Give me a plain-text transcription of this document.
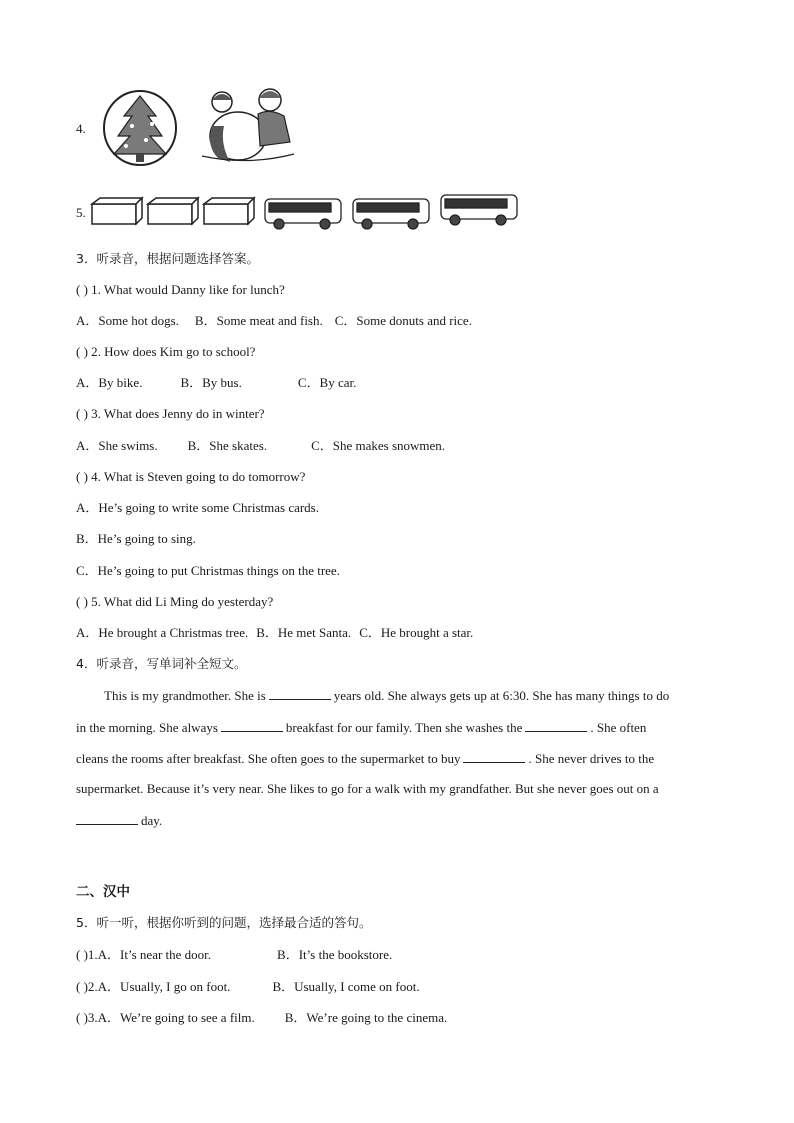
4.
5.
3．听录音，根据问题选择答案。
( ) 1. What would Danny like for lunch?
A．Some hot dogs. B．Some meat and fish. C．Some donuts and rice.
( ) 2. How does Kim go to school?
A．By bike.	B．By bus.	C．By car.
( ) 3. What does Jenny do in winter?
A．She swims. B．She skates.	C．She makes snowmen.
( ) 4. What is Steven going to do tomorrow?
A．He’s going to write some Christmas cards.
B．He’s going to sing.
C．He’s going to put Christmas things on the tree.
( ) 5. What did Li Ming do yesterday?
A．He brought a Christmas tree. B．He met Santa. C．He brought a star.
4．听录音，写单词补全短文。
This is my grandmother. She is	years old. She always gets up at 6:30. She has many things to do
in the morning. She always	breakfast for our family. Then she washes the	. She often
cleans the rooms after breakfast. She often goes to the supermarket to buy	. She never drives to the
supermarket. Because it’s very near. She likes to go for a walk with my grandfather. But she never goes out on a
day.
二、汉中
5．听一听，根据你听到的问题，选择最合适的答句。
( )1.A．It’s near the door.	B．It’s the bookstore.
( )2.A．Usually, I go on foot.	B．Usually, I come on foot.
( )3.A．We’re going to see a film. B．We’re going to the cinema.
